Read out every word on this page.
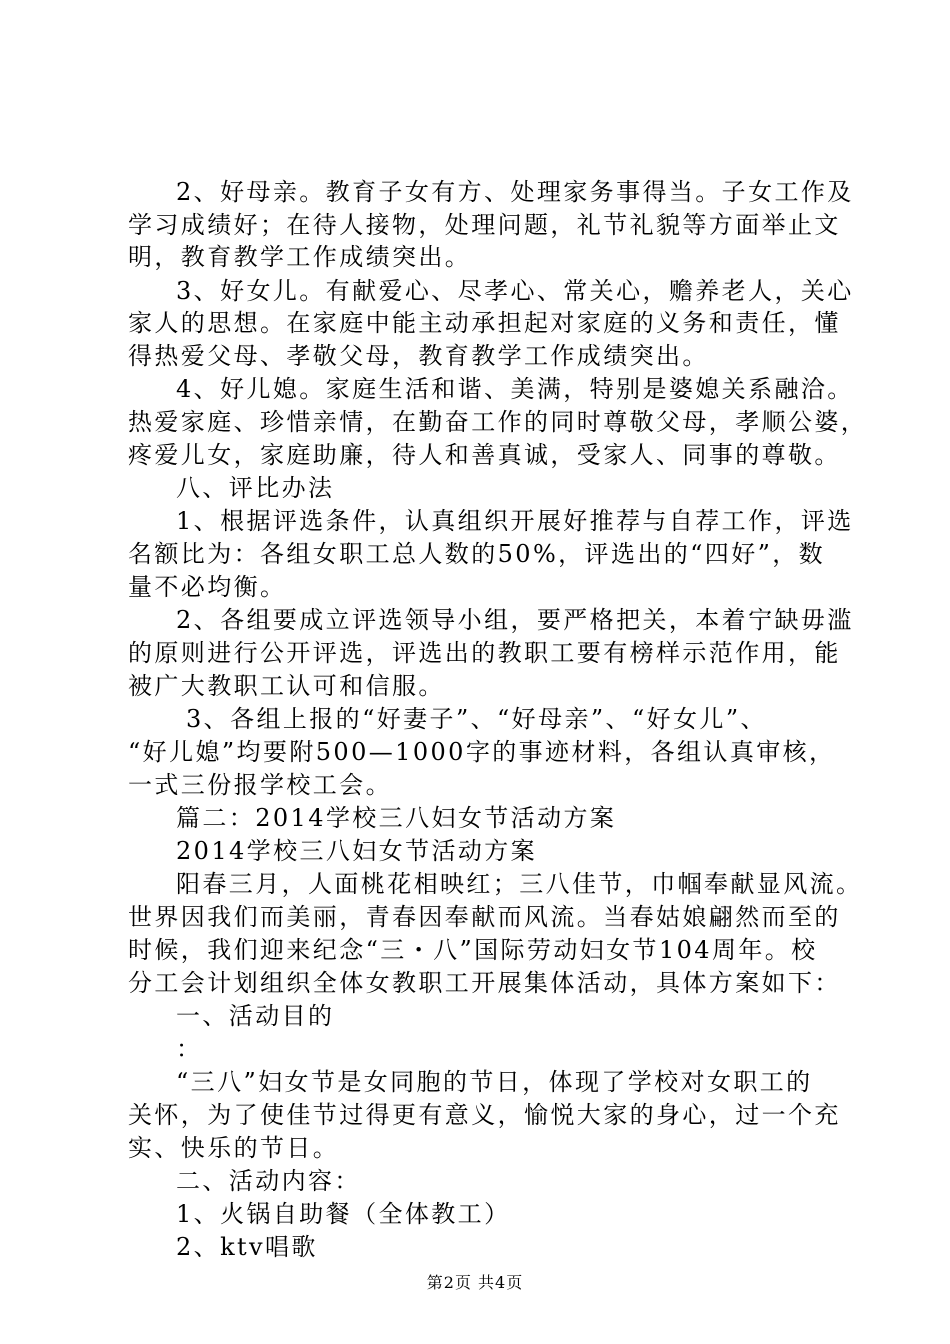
2、好母亲。教育子女有方、处理家务事得当。子女工作及
学习成绩好；在待人接物，处理问题，礼节礼貌等方面举止文
明，教育教学工作成绩突出。
3、好女儿。有献爱心、尽孝心、常关心，赡养老人，关心
家人的思想。在家庭中能主动承担起对家庭的义务和责任，懂
得热爱父母、孝敬父母，教育教学工作成绩突出。
4、好儿媳。家庭生活和谐、美满，特别是婆媳关系融洽。
热爱家庭、珍惜亲情，在勤奋工作的同时尊敬父母，孝顺公婆，
疼爱儿女，家庭助廉，待人和善真诚，受家人、同事的尊敬。
八、评比办法
1、根据评选条件，认真组织开展好推荐与自荐工作，评选
名额比为：各组女职工总人数的50%，评选出的“四好”，数
量不必均衡。
2、各组要成立评选领导小组，要严格把关，本着宁缺毋滥
的原则进行公开评选，评选出的教职工要有榜样示范作用，能
被广大教职工认可和信服。
3、各组上报的“好妻子”、“好母亲”、“好女儿”、
“好儿媳”均要附500—1000字的事迹材料，各组认真审核，
一式三份报学校工会。
篇二：2014学校三八妇女节活动方案
2014学校三八妇女节活动方案
阳春三月，人面桃花相映红；三八佳节，巾帼奉献显风流。
世界因我们而美丽，青春因奉献而风流。当春姑娘翩然而至的
时候，我们迎来纪念“三・八”国际劳动妇女节104周年。校
分工会计划组织全体女教职工开展集体活动，具体方案如下：
一、活动目的
：
“三八”妇女节是女同胞的节日，体现了学校对女职工的
关怀，为了使佳节过得更有意义，愉悦大家的身心，过一个充
实、快乐的节日。
二、活动内容：
1、火锅自助餐（全体教工）
2、ktv唱歌
第2页 共4页
